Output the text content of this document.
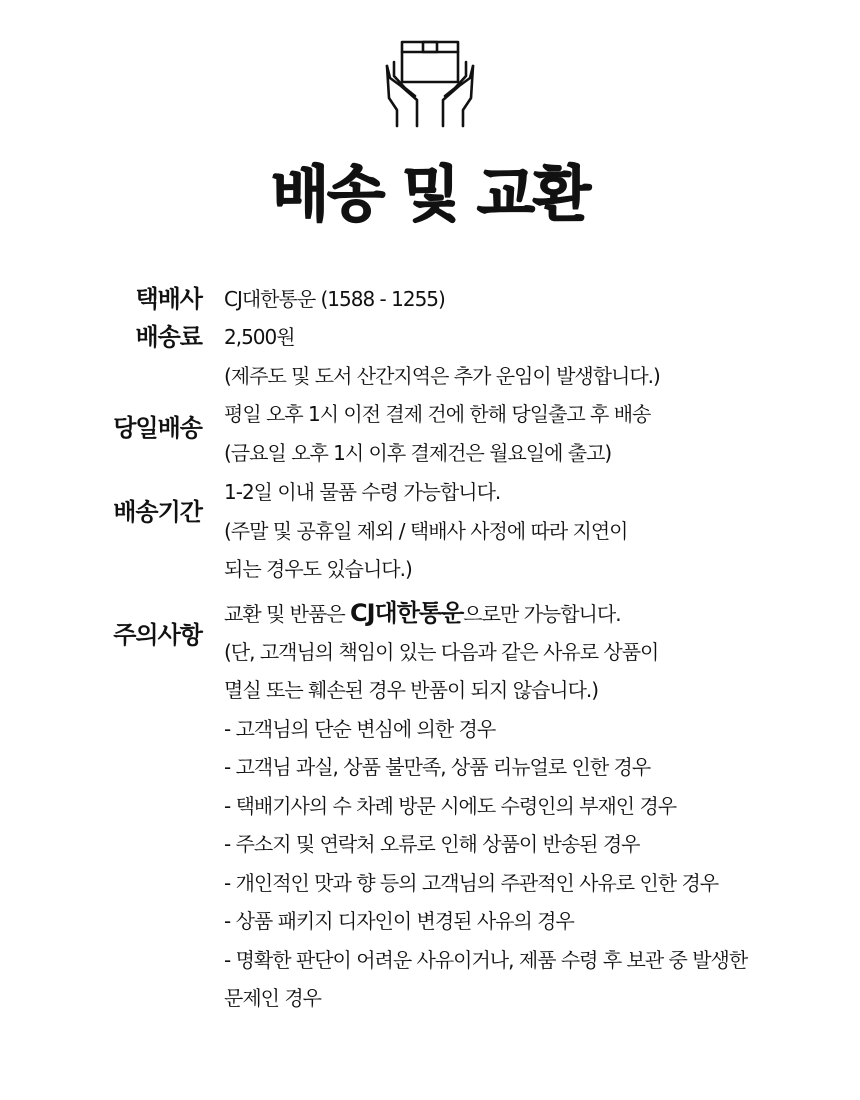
배송 및 교환
택배사 CJ대한통운 (1588 - 1255)
배송료 2,500원
(제주도 및 도서 산간지역은 추가 운임이 발생합니다.)
당일배송 평일 오후 1시 이전 결제 건에 한해 당일출고 후 배송
(금요일 오후 1시 이후 결제건은 월요일에 출고)
배송기간
1-2일 이내 물품 수령 가능합니다.
(주말 및 공휴일 제외 / 택배사 사정에 따라 지연이
되는 경우도 있습니다.)
주의사항
교환 및 반품은 CJ대한통운으로만 가능합니다.
(단, 고객님의 책임이 있는 다음과 같은 사유로 상품이
멸실 또는 훼손된 경우 반품이 되지 않습니다.)
- 고객님의 단순 변심에 의한 경우
- 고객님 과실, 상품 불만족, 상품 리뉴얼로 인한 경우
- 택배기사의 수 차례 방문 시에도 수령인의 부재인 경우
- 주소지 및 연락처 오류로 인해 상품이 반송된 경우
- 개인적인 맛과 향 등의 고객님의 주관적인 사유로 인한 경우
- 상품 패키지 디자인이 변경된 사유의 경우
- 명확한 판단이 어려운 사유이거나, 제품 수령 후 보관 중 발생한
문제인 경우
